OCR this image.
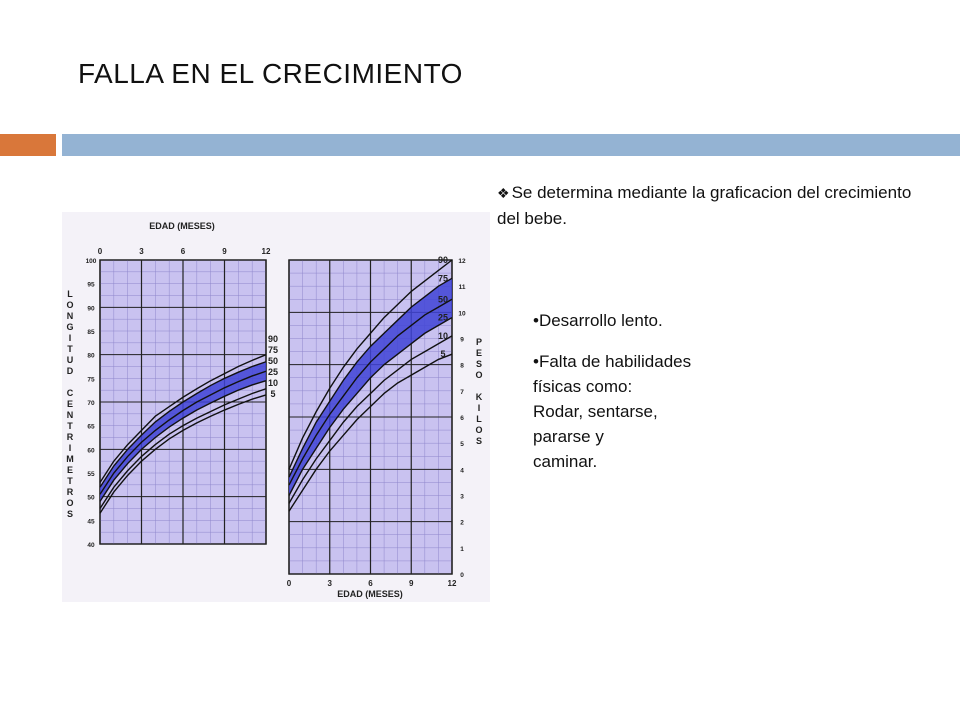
FALLA EN EL CRECIMIENTO
90
75
50
25
10
5
0	3	6	9	12
40
45
50
55
60
65
70
75
80
85
90
95
100
L
O
N
G
I
T
U
D
C
E
N
T
R
I
M
E
T
R
O
S
90
75
50
25
10
5
0	3	6	9	12
0
1
2
3
4
5
6
7
8
9
10
11
12
P
E
S
O
K
I
L
O
S
EDAD (MESES)
EDAD (MESES)
❖ Se determina mediante la graficacion del crecimiento del bebe.
•Desarrollo lento.
•Falta de habilidades físicas como:
Rodar, sentarse,
pararse y
caminar.
